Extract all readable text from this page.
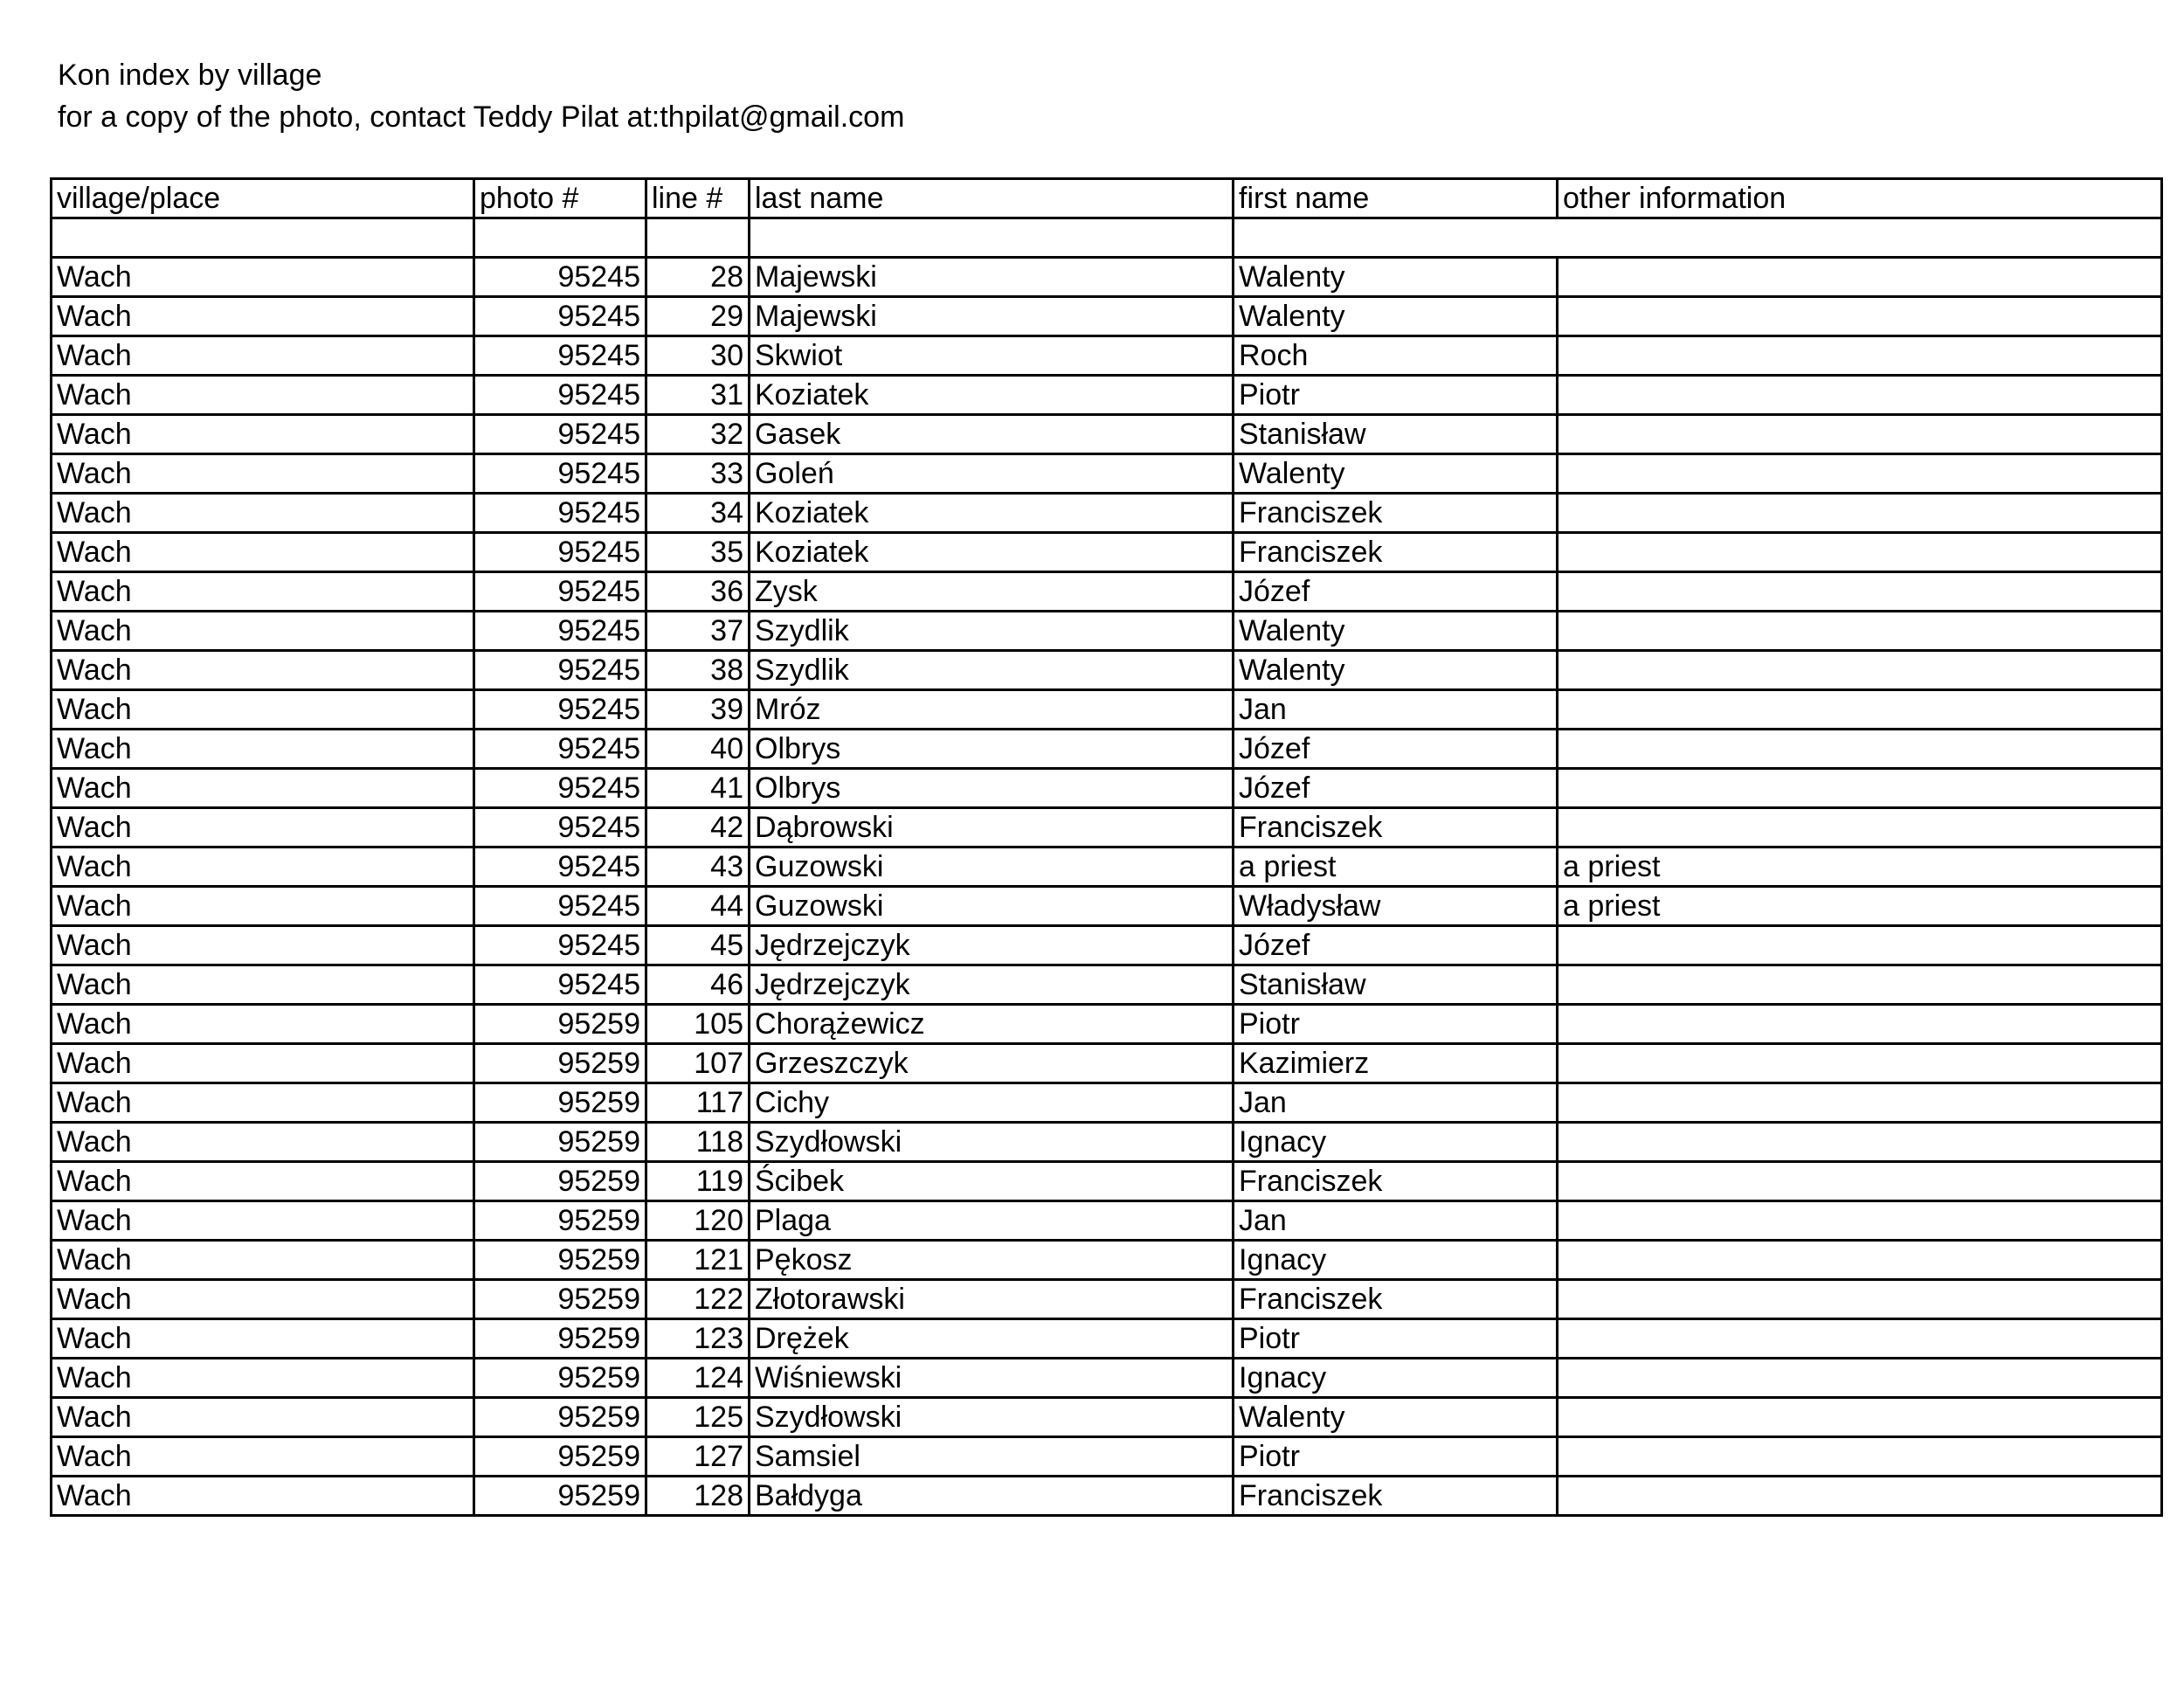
Kon index by village
for a copy of the photo, contact Teddy Pilat at:thpilat@gmail.com
village/place	photo #	line #	last name	first name	other information

Wach	95245	28	Majewski	Walenty	
Wach	95245	29	Majewski	Walenty	
Wach	95245	30	Skwiot	Roch	
Wach	95245	31	Koziatek	Piotr	
Wach	95245	32	Gasek	Stanisław	
Wach	95245	33	Goleń	Walenty	
Wach	95245	34	Koziatek	Franciszek	
Wach	95245	35	Koziatek	Franciszek	
Wach	95245	36	Zysk	Józef	
Wach	95245	37	Szydlik	Walenty	
Wach	95245	38	Szydlik	Walenty	
Wach	95245	39	Mróz	Jan	
Wach	95245	40	Olbrys	Józef	
Wach	95245	41	Olbrys	Józef	
Wach	95245	42	Dąbrowski	Franciszek	
Wach	95245	43	Guzowski	a priest	a priest
Wach	95245	44	Guzowski	Władysław	a priest
Wach	95245	45	Jędrzejczyk	Józef	
Wach	95245	46	Jędrzejczyk	Stanisław	
Wach	95259	105	Chorążewicz	Piotr	
Wach	95259	107	Grzeszczyk	Kazimierz	
Wach	95259	117	Cichy	Jan	
Wach	95259	118	Szydłowski	Ignacy	
Wach	95259	119	Ścibek	Franciszek	
Wach	95259	120	Plaga	Jan	
Wach	95259	121	Pękosz	Ignacy	
Wach	95259	122	Złotorawski	Franciszek	
Wach	95259	123	Drężek	Piotr	
Wach	95259	124	Wiśniewski	Ignacy	
Wach	95259	125	Szydłowski	Walenty	
Wach	95259	127	Samsiel	Piotr	
Wach	95259	128	Bałdyga	Franciszek	
